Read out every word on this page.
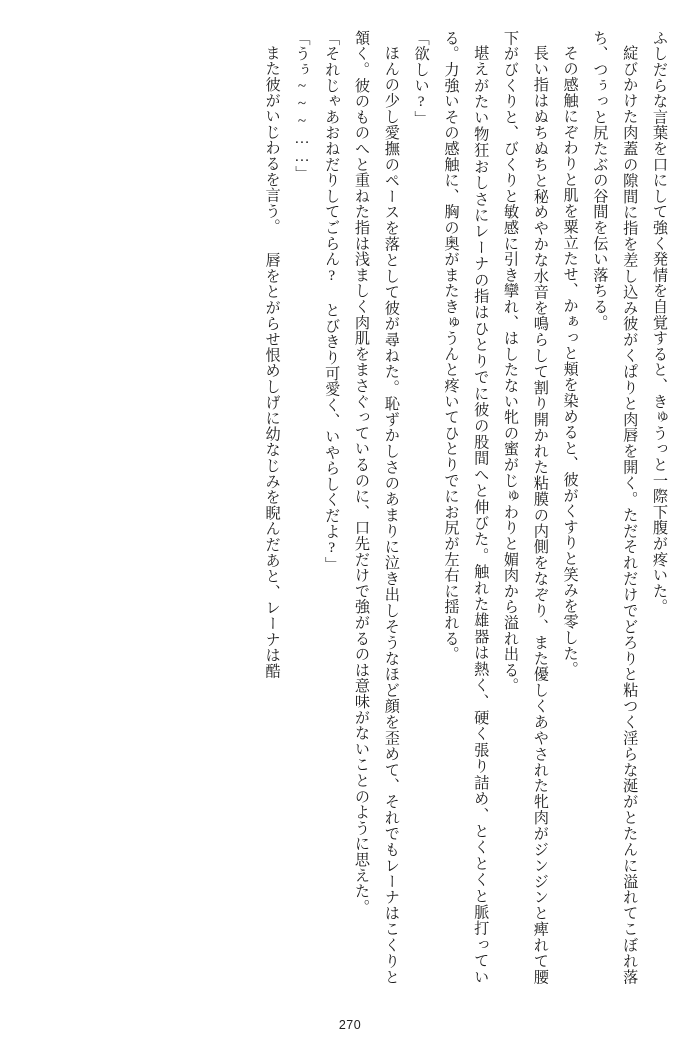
ふしだらな言葉を口にして強く発情を自覚すると、きゅうっと一際下腹が疼いた。

綻びかけた肉蓋の隙間に指を差し込み彼がくぱりと肉唇を開く。ただそれだけでどろりと粘つく淫らな涎がとたんに溢れてこぼれ落ち、つぅっと尻たぶの谷間を伝い落ちる。

その感触にぞわりと肌を粟立たせ、かぁっと頬を染めると、彼がくすりと笑みを零した。

長い指はぬちぬちと秘めやかな水音を鳴らして割り開かれた粘膜の内側をなぞり、また優しくあやされた牝肉がジンジンと痺れて腰下がびくりと、びくりと敏感に引き攣れ、はしたない牝の蜜がじゅわりと媚肉から溢れ出る。

堪えがたい物狂おしさにレーナの指はひとりでに彼の股間へと伸びた。触れた雄器は熱く、硬く張り詰め、とくとくと脈打っている。力強いその感触に、胸の奥がまたきゅうんと疼いてひとりでにお尻が左右に揺れる。

「欲しい?」

ほんの少し愛撫のペースを落として彼が尋ねた。恥ずかしさのあまりに泣き出しそうなほど顔を歪めて、それでもレーナはこくりと頷く。彼のものへと重ねた指は浅ましく肉肌をまさぐっているのに、口先だけで強がるのは意味がないことのように思えた。

「それじゃあおねだりしてごらん? とびきり可愛く、いやらしくだよ?」

「うぅ~~~……」

また彼がいじわるを言う。 唇をとがらせ恨めしげに幼なじみを睨んだあと、レーナは酷

270
